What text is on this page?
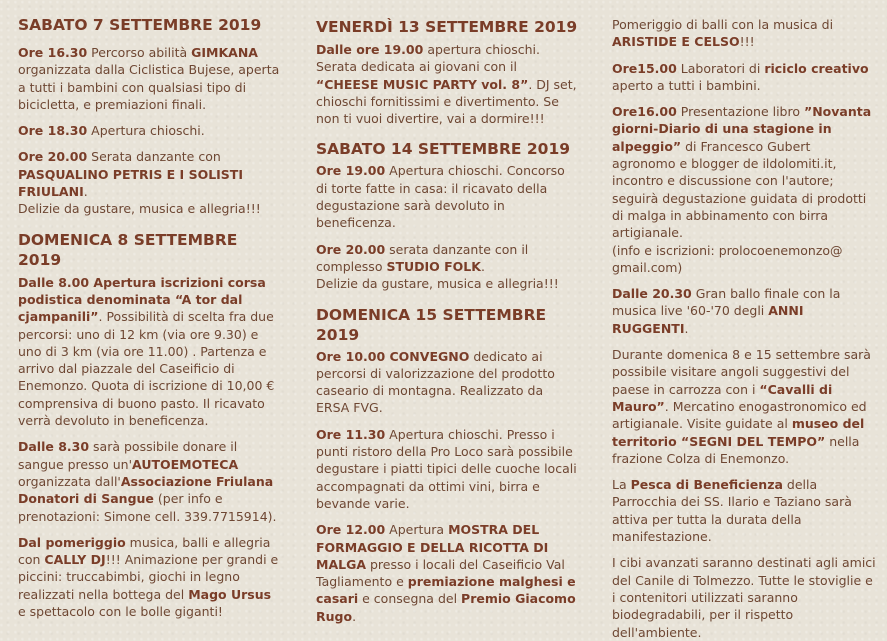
SABATO 7 SETTEMBRE 2019

Ore 16.30 Percorso abilità GIMKANA organizzata dalla Ciclistica Bujese, aperta a tutti i bambini con qualsiasi tipo di bicicletta, e premiazioni finali.

Ore 18.30 Apertura chioschi.

Ore 20.00 Serata danzante con PASQUALINO PETRIS E I SOLISTI FRIULANI.
Delizie da gustare, musica e allegria!!!

DOMENICA 8 SETTEMBRE 2019

Dalle 8.00 Apertura iscrizioni corsa podistica denominata “A tor dal cjampanili”. Possibilità di scelta fra due percorsi: uno di 12 km (via ore 9.30) e uno di 3 km (via ore 11.00) . Partenza e arrivo dal piazzale del Caseificio di Enemonzo. Quota di iscrizione di 10,00 € comprensiva di buono pasto. Il ricavato verrà devoluto in beneficenza.

Dalle 8.30 sarà possibile donare il sangue presso un'AUTOEMOTECA organizzata dall'Associazione Friulana Donatori di Sangue (per info e prenotazioni: Simone cell. 339.7715914).

Dal pomeriggio musica, balli e allegria con CALLY DJ!!! Animazione per grandi e piccini: truccabimbi, giochi in legno realizzati nella bottega del Mago Ursus e spettacolo con le bolle giganti!

VENERDÌ 13 SETTEMBRE 2019

Dalle ore 19.00 apertura chioschi. Serata dedicata ai giovani con il “CHEESE MUSIC PARTY vol. 8”. DJ set, chioschi fornitissimi e divertimento. Se non ti vuoi divertire, vai a dormire!!!

SABATO 14 SETTEMBRE 2019

Ore 19.00 Apertura chioschi. Concorso di torte fatte in casa: il ricavato della degustazione sarà devoluto in beneficenza.

Ore 20.00 serata danzante con il complesso STUDIO FOLK.
Delizie da gustare, musica e allegria!!!

DOMENICA 15 SETTEMBRE 2019

Ore 10.00 CONVEGNO dedicato ai percorsi di valorizzazione del prodotto caseario di montagna. Realizzato da ERSA FVG.

Ore 11.30 Apertura chioschi. Presso i punti ristoro della Pro Loco sarà possibile degustare i piatti tipici delle cuoche locali accompagnati da ottimi vini, birra e bevande varie.

Ore 12.00 Apertura MOSTRA DEL FORMAGGIO E DELLA RICOTTA DI MALGA presso i locali del Caseificio Val Tagliamento e premiazione malghesi e casari e consegna del Premio Giacomo Rugo.

Pomeriggio di balli con la musica di ARISTIDE E CELSO!!!

Ore15.00 Laboratori di riciclo creativo aperto a tutti i bambini.

Ore16.00 Presentazione libro ”Novanta giorni-Diario di una stagione in alpeggio” di Francesco Gubert agronomo e blogger de ildolomiti.it, incontro e discussione con l'autore; seguirà degustazione guidata di prodotti di malga in abbinamento con birra artigianale.
(info e iscrizioni: prolocoenemonzo@ gmail.com)

Dalle 20.30 Gran ballo finale con la musica live '60-'70 degli ANNI RUGGENTI.

Durante domenica 8 e 15 settembre sarà possibile visitare angoli suggestivi del paese in carrozza con i “Cavalli di Mauro”. Mercatino enogastronomico ed artigianale. Visite guidate al museo del territorio “SEGNI DEL TEMPO” nella frazione Colza di Enemonzo.

La Pesca di Beneficienza della Parrocchia dei SS. Ilario e Taziano sarà attiva per tutta la durata della manifestazione.

I cibi avanzati saranno destinati agli amici del Canile di Tolmezzo. Tutte le stoviglie e i contenitori utilizzati saranno biodegradabili, per il rispetto dell'ambiente.
